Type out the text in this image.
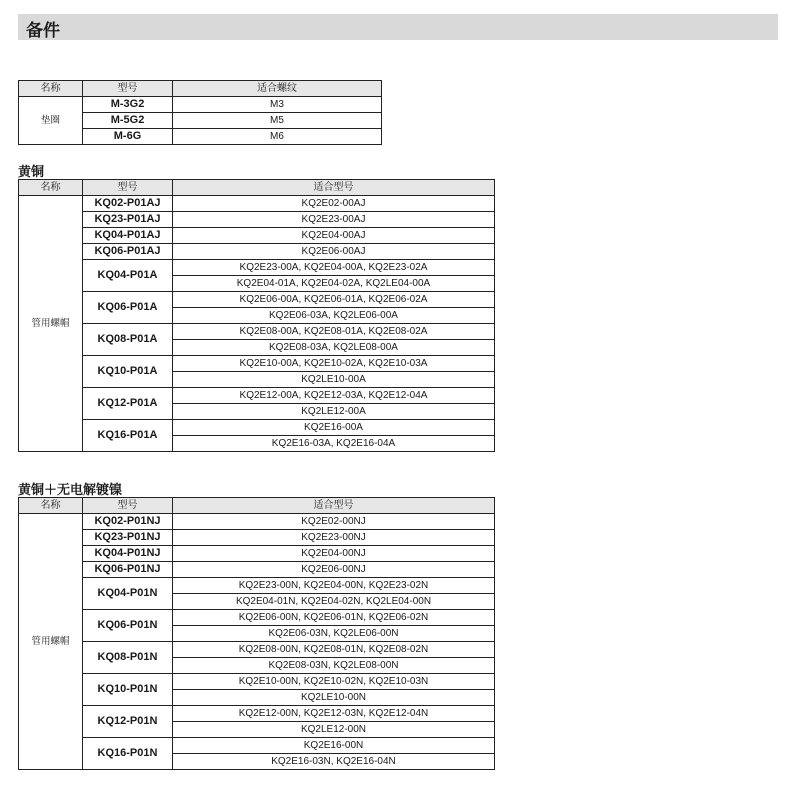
备件
名称	型号	适合螺纹
垫圈	M-3G2	M3
	M-5G2	M5
	M-6G	M6
黄铜
名称	型号	适合型号
管用螺帽	KQ02-P01AJ	KQ2E02-00AJ
	KQ23-P01AJ	KQ2E23-00AJ
	KQ04-P01AJ	KQ2E04-00AJ
	KQ06-P01AJ	KQ2E06-00AJ
	KQ04-P01A	KQ2E23-00A, KQ2E04-00A, KQ2E23-02A
		KQ2E04-01A, KQ2E04-02A, KQ2LE04-00A
	KQ06-P01A	KQ2E06-00A, KQ2E06-01A, KQ2E06-02A
		KQ2E06-03A, KQ2LE06-00A
	KQ08-P01A	KQ2E08-00A, KQ2E08-01A, KQ2E08-02A
		KQ2E08-03A, KQ2LE08-00A
	KQ10-P01A	KQ2E10-00A, KQ2E10-02A, KQ2E10-03A
		KQ2LE10-00A
	KQ12-P01A	KQ2E12-00A, KQ2E12-03A, KQ2E12-04A
		KQ2LE12-00A
	KQ16-P01A	KQ2E16-00A
		KQ2E16-03A, KQ2E16-04A
黄铜＋无电解镀镍
名称	型号	适合型号
管用螺帽	KQ02-P01NJ	KQ2E02-00NJ
	KQ23-P01NJ	KQ2E23-00NJ
	KQ04-P01NJ	KQ2E04-00NJ
	KQ06-P01NJ	KQ2E06-00NJ
	KQ04-P01N	KQ2E23-00N, KQ2E04-00N, KQ2E23-02N
		KQ2E04-01N, KQ2E04-02N, KQ2LE04-00N
	KQ06-P01N	KQ2E06-00N, KQ2E06-01N, KQ2E06-02N
		KQ2E06-03N, KQ2LE06-00N
	KQ08-P01N	KQ2E08-00N, KQ2E08-01N, KQ2E08-02N
		KQ2E08-03N, KQ2LE08-00N
	KQ10-P01N	KQ2E10-00N, KQ2E10-02N, KQ2E10-03N
		KQ2LE10-00N
	KQ12-P01N	KQ2E12-00N, KQ2E12-03N, KQ2E12-04N
		KQ2LE12-00N
	KQ16-P01N	KQ2E16-00N
		KQ2E16-03N, KQ2E16-04N
